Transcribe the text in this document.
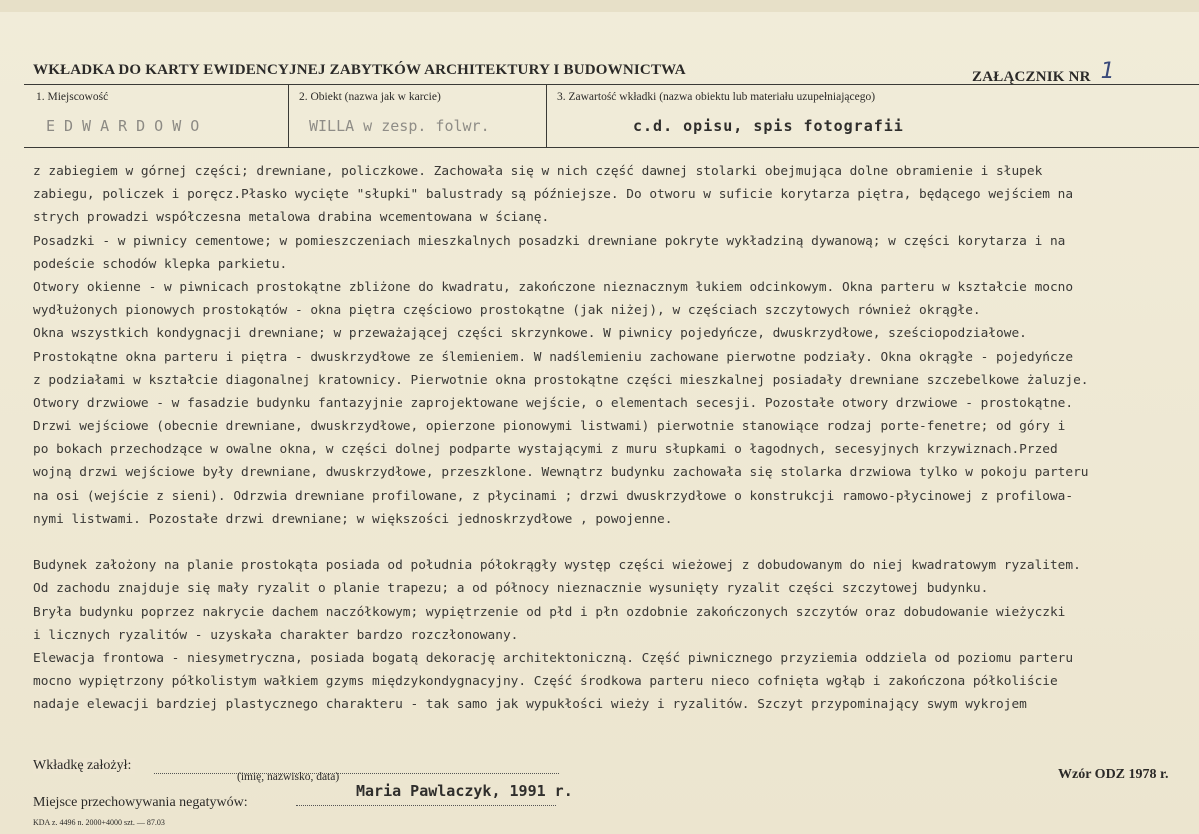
WKŁADKA DO KARTY EWIDENCYJNEJ ZABYTKÓW ARCHITEKTURY I BUDOWNICTWA	ZAŁĄCZNIK NR 1
1. Miejscowość
EDWARDOWO
2. Obiekt (nazwa jak w karcie)
WILLA w zesp. folwr.
3. Zawartość wkładki (nazwa obiektu lub materiału uzupełniającego)
c.d. opisu, spis fotografii
z zabiegiem w górnej części; drewniane, policzkowe. Zachowała się w nich część dawnej stolarki obejmująca dolne obramienie i słupek
zabiegu, policzek i poręcz.Płasko wycięte "słupki" balustrady są późniejsze. Do otworu w suficie korytarza piętra, będącego wejściem na
strych prowadzi współczesna metalowa drabina wcementowana w ścianę.
Posadzki - w piwnicy cementowe; w pomieszczeniach mieszkalnych posadzki drewniane pokryte wykładziną dywanową; w części korytarza i na
podeście schodów klepka parkietu.
Otwory okienne - w piwnicach prostokątne zbliżone do kwadratu, zakończone nieznacznym łukiem odcinkowym. Okna parteru w kształcie mocno
wydłużonych pionowych prostokątów - okna piętra częściowo prostokątne (jak niżej), w częściach szczytowych również okrągłe.
Okna wszystkich kondygnacji drewniane; w przeważającej części skrzynkowe. W piwnicy pojedyńcze, dwuskrzydłowe, sześciopodziałowe.
Prostokątne okna parteru i piętra - dwuskrzydłowe ze ślemieniem. W nadślemieniu zachowane pierwotne podziały. Okna okrągłe - pojedyńcze
z podziałami w kształcie diagonalnej kratownicy. Pierwotnie okna prostokątne części mieszkalnej posiadały drewniane szczebelkowe żaluzje.
Otwory drzwiowe - w fasadzie budynku fantazyjnie zaprojektowane wejście, o elementach secesji. Pozostałe otwory drzwiowe - prostokątne.
Drzwi wejściowe (obecnie drewniane, dwuskrzydłowe, opierzone pionowymi listwami) pierwotnie stanowiące rodzaj porte-fenetre; od góry i
po bokach przechodzące w owalne okna, w części dolnej podparte wystającymi z muru słupkami o łagodnych, secesyjnych krzywiznach.Przed
wojną drzwi wejściowe były drewniane, dwuskrzydłowe, przeszklone. Wewnątrz budynku zachowała się stolarka drzwiowa tylko w pokoju parteru
na osi (wejście z sieni). Odrzwia drewniane profilowane, z płycinami ; drzwi dwuskrzydłowe o konstrukcji ramowo-płycinowej z profilowa-
nymi listwami. Pozostałe drzwi drewniane; w większości jednoskrzydłowe , powojenne.
Budynek założony na planie prostokąta posiada od południa półokrągły występ części wieżowej z dobudowanym do niej kwadratowym ryzalitem.
Od zachodu znajduje się mały ryzalit o planie trapezu; a od północy nieznacznie wysunięty ryzalit części szczytowej budynku.
Bryła budynku poprzez nakrycie dachem naczółkowym; wypiętrzenie od płd i płn ozdobnie zakończonych szczytów oraz dobudowanie wieżyczki
i licznych ryzalitów - uzyskała charakter bardzo rozczłonowany.
Elewacja frontowa - niesymetryczna, posiada bogatą dekorację architektoniczną. Część piwnicznego przyziemia oddziela od poziomu parteru
mocno wypiętrzony półkolistym wałkiem gzyms międzykondygnacyjny. Część środkowa parteru nieco cofnięta wgłąb i zakończona półkoliście
nadaje elewacji bardziej plastycznego charakteru - tak samo jak wypukłości wieży i ryzalitów. Szczyt przypominający swym wykrojem
Wkładkę założył:
(imię, nazwisko, data)	Wzór ODZ 1978 r.
Maria Pawlaczyk, 1991 r.
Miejsce przechowywania negatywów:
KDA z. 4496 n. 2000+4000 szt. — 87.03
